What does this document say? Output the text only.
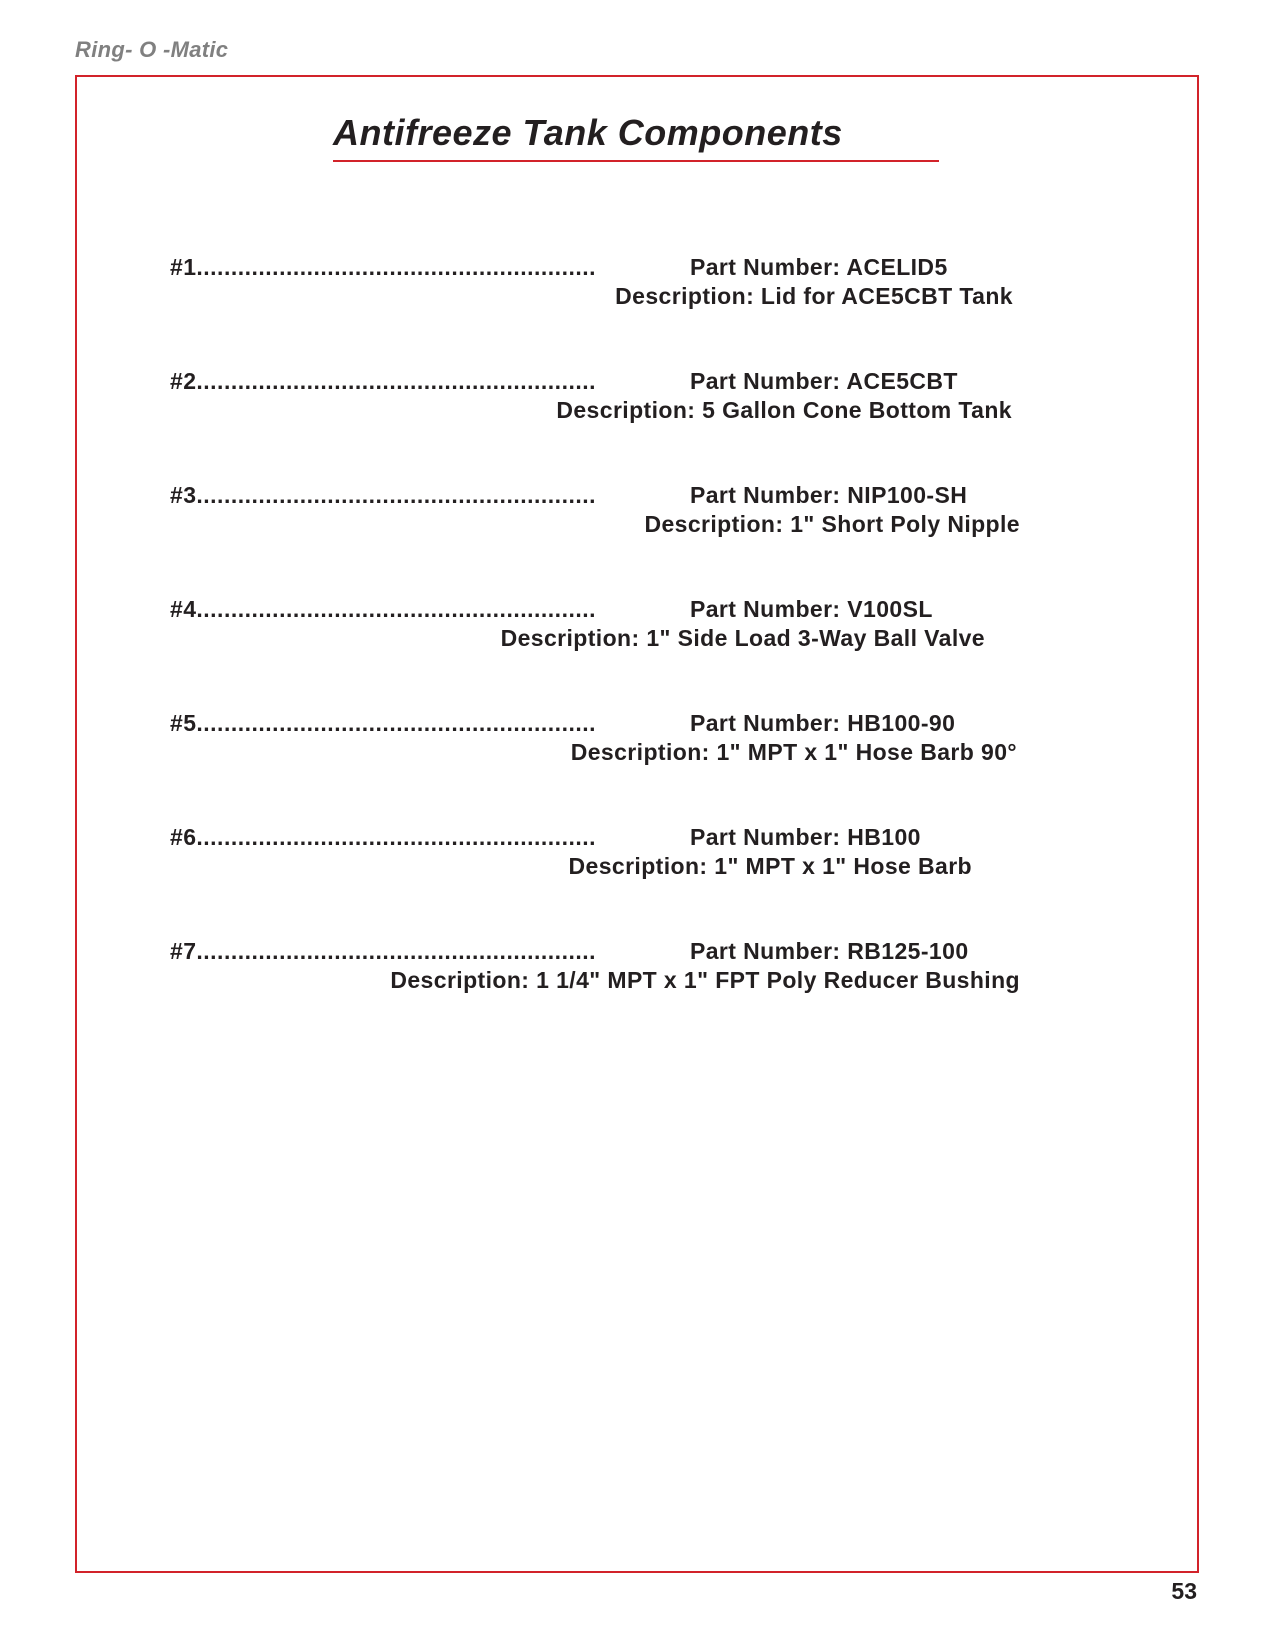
Ring- O -Matic
Antifreeze Tank Components
#1..........................................................	Part Number: ACELID5
Description: Lid for ACE5CBT Tank
#2..........................................................	Part Number: ACE5CBT
Description: 5 Gallon Cone Bottom Tank
#3..........................................................	Part Number: NIP100-SH
Description: 1" Short Poly Nipple
#4..........................................................	Part Number: V100SL
Description: 1" Side Load 3-Way Ball Valve
#5..........................................................	Part Number: HB100-90
Description: 1" MPT x 1" Hose Barb 90°
#6..........................................................	Part Number: HB100
Description: 1" MPT x 1" Hose Barb
#7..........................................................	Part Number: RB125-100
Description: 1 1/4" MPT x 1" FPT Poly Reducer Bushing
53
